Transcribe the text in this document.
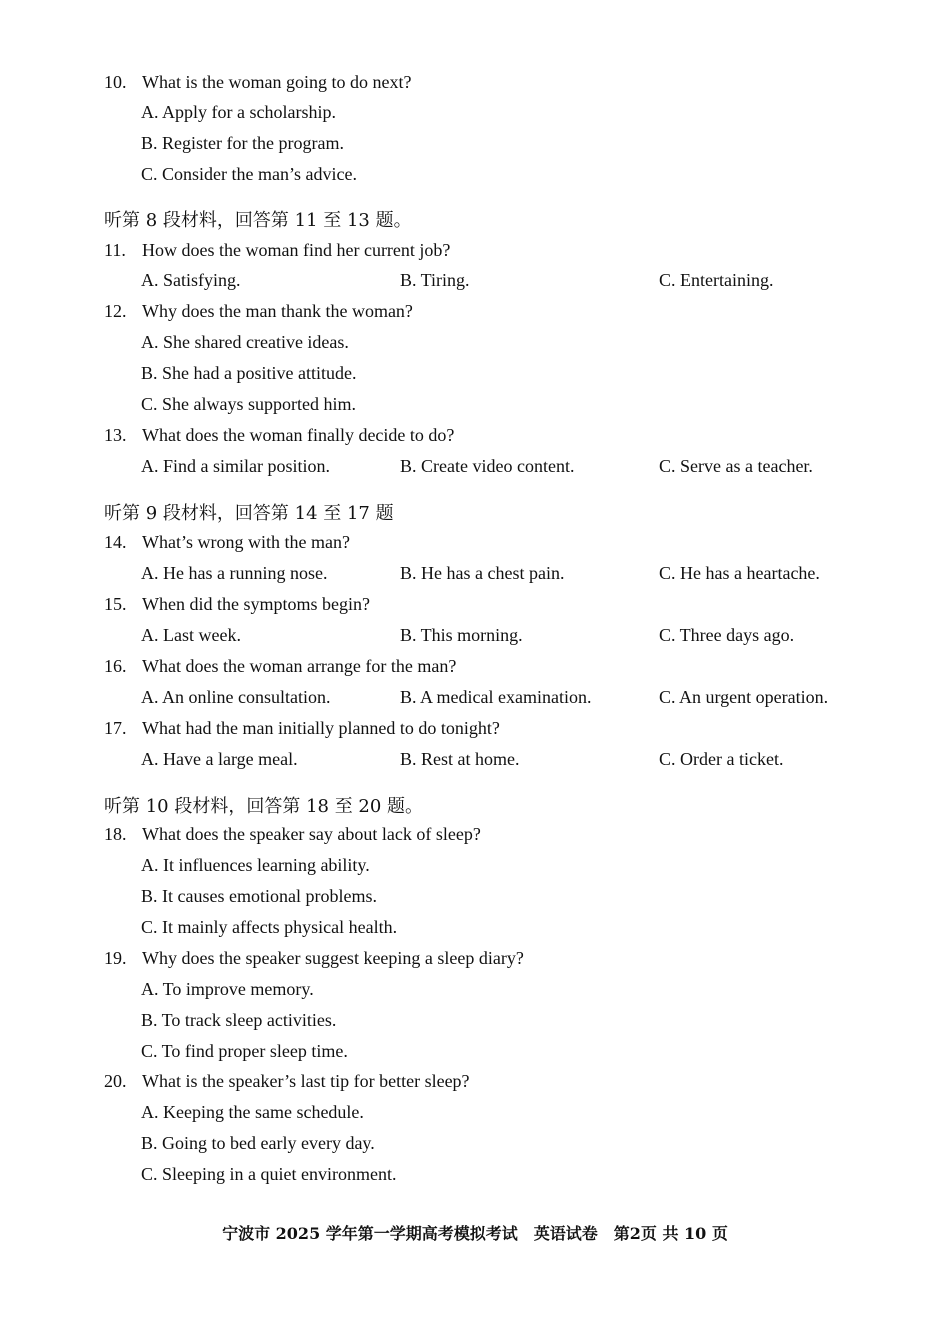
10. What is the woman going to do next?
A. Apply for a scholarship.
B. Register for the program.
C. Consider the man’s advice.
听第 8 段材料，回答第 11 至 13 题。
11. How does the woman find her current job?
A. Satisfying.	B. Tiring.	C. Entertaining.
12. Why does the man thank the woman?
A. She shared creative ideas.
B. She had a positive attitude.
C. She always supported him.
13. What does the woman finally decide to do?
A. Find a similar position.	B. Create video content.	C. Serve as a teacher.
听第 9 段材料，回答第 14 至 17 题
14. What’s wrong with the man?
A. He has a running nose.	B. He has a chest pain.	C. He has a heartache.
15. When did the symptoms begin?
A. Last week.	B. This morning.	C. Three days ago.
16. What does the woman arrange for the man?
A. An online consultation.	B. A medical examination.	C. An urgent operation.
17. What had the man initially planned to do tonight?
A. Have a large meal.	B. Rest at home.	C. Order a ticket.
听第 10 段材料，回答第 18 至 20 题。
18. What does the speaker say about lack of sleep?
A. It influences learning ability.
B. It causes emotional problems.
C. It mainly affects physical health.
19. Why does the speaker suggest keeping a sleep diary?
A. To improve memory.
B. To track sleep activities.
C. To find proper sleep time.
20. What is the speaker’s last tip for better sleep?
A. Keeping the same schedule.
B. Going to bed early every day.
C. Sleeping in a quiet environment.
宁波市 2025 学年第一学期高考模拟考试　英语试卷　第2页 共 10 页
